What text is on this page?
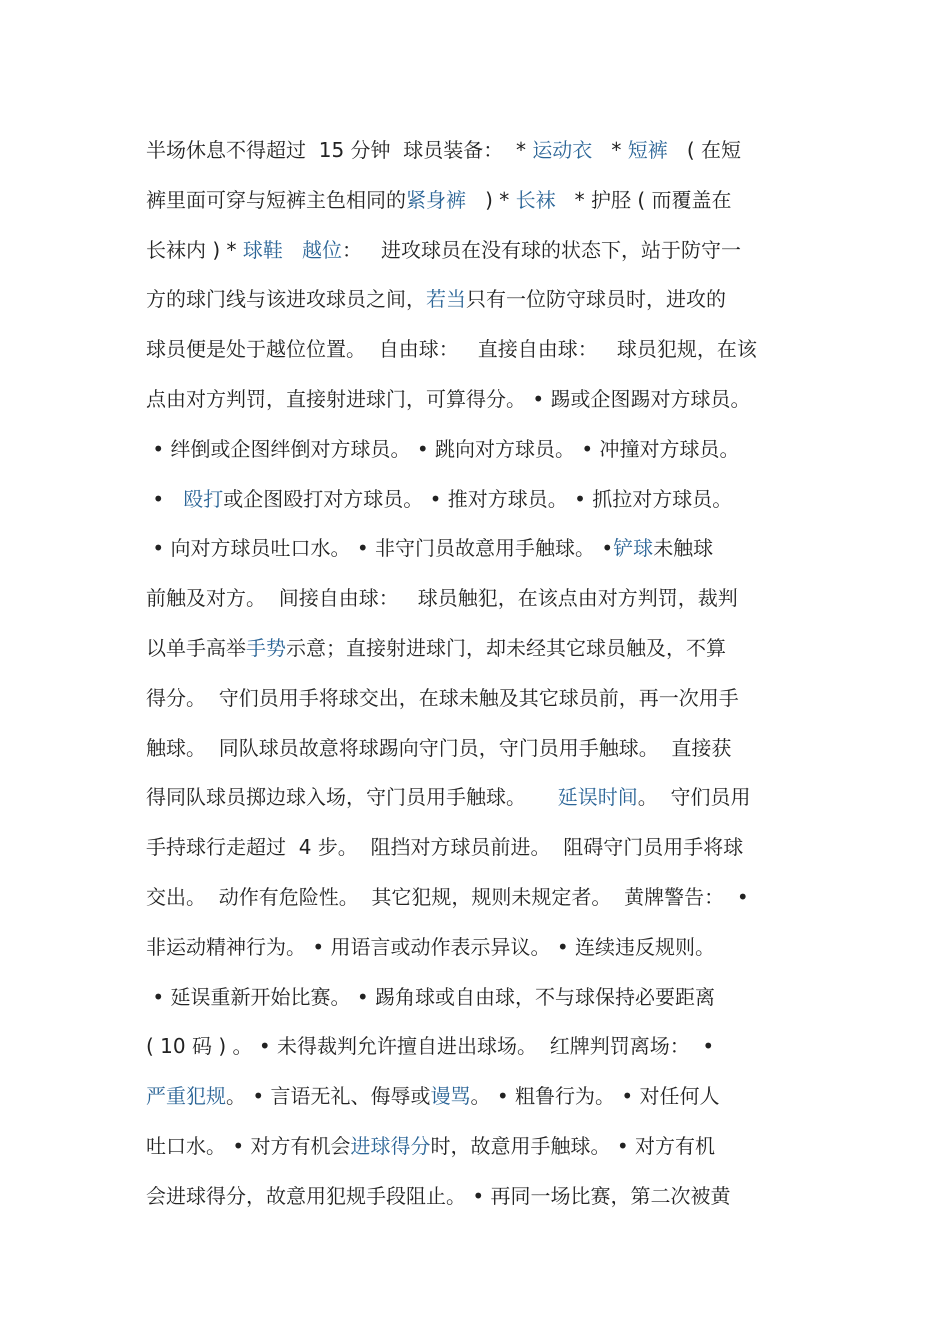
半场休息不得超过  15 分钟  球员装备：  * 运动衣   * 短裤   ( 在短
裤里面可穿与短裤主色相同的紧身裤   ) * 长袜   * 护胫 ( 而覆盖在
长袜内 ) * 球鞋 越位：   进攻球员在没有球的状态下，站于防守一
方的球门线与该进攻球员之间，若当只有一位防守球员时，进攻的
球员便是处于越位位置。  自由球：   直接自由球：   球员犯规，在该
点由对方判罚，直接射进球门，可算得分。 • 踢或企图踢对方球员。
• 绊倒或企图绊倒对方球员。 • 跳向对方球员。 • 冲撞对方球员。
•   殴打或企图殴打对方球员。 • 推对方球员。 • 抓拉对方球员。
• 向对方球员吐口水。 • 非守门员故意用手触球。 •铲球未触球
前触及对方。  间接自由球：   球员触犯，在该点由对方判罚，裁判
以单手高举手势示意；直接射进球门，却未经其它球员触及，不算
得分。  守们员用手将球交出，在球未触及其它球员前，再一次用手
触球。  同队球员故意将球踢向守门员，守门员用手触球。  直接获
得同队球员掷边球入场，守门员用手触球。     延误时间。  守们员用
手持球行走超过  4 步。  阻挡对方球员前进。  阻碍守门员用手将球
交出。  动作有危险性。  其它犯规，规则未规定者。  黄牌警告：  •
非运动精神行为。 • 用语言或动作表示异议。 • 连续违反规则。
• 延误重新开始比赛。 • 踢角球或自由球，不与球保持必要距离
( 10 码 ) 。 • 未得裁判允许擅自进出球场。  红牌判罚离场：  •
严重犯规。 • 言语无礼、侮辱或谩骂。 • 粗鲁行为。 • 对任何人
吐口水。 • 对方有机会进球得分时，故意用手触球。 • 对方有机
会进球得分，故意用犯规手段阻止。 • 再同一场比赛，第二次被黄
